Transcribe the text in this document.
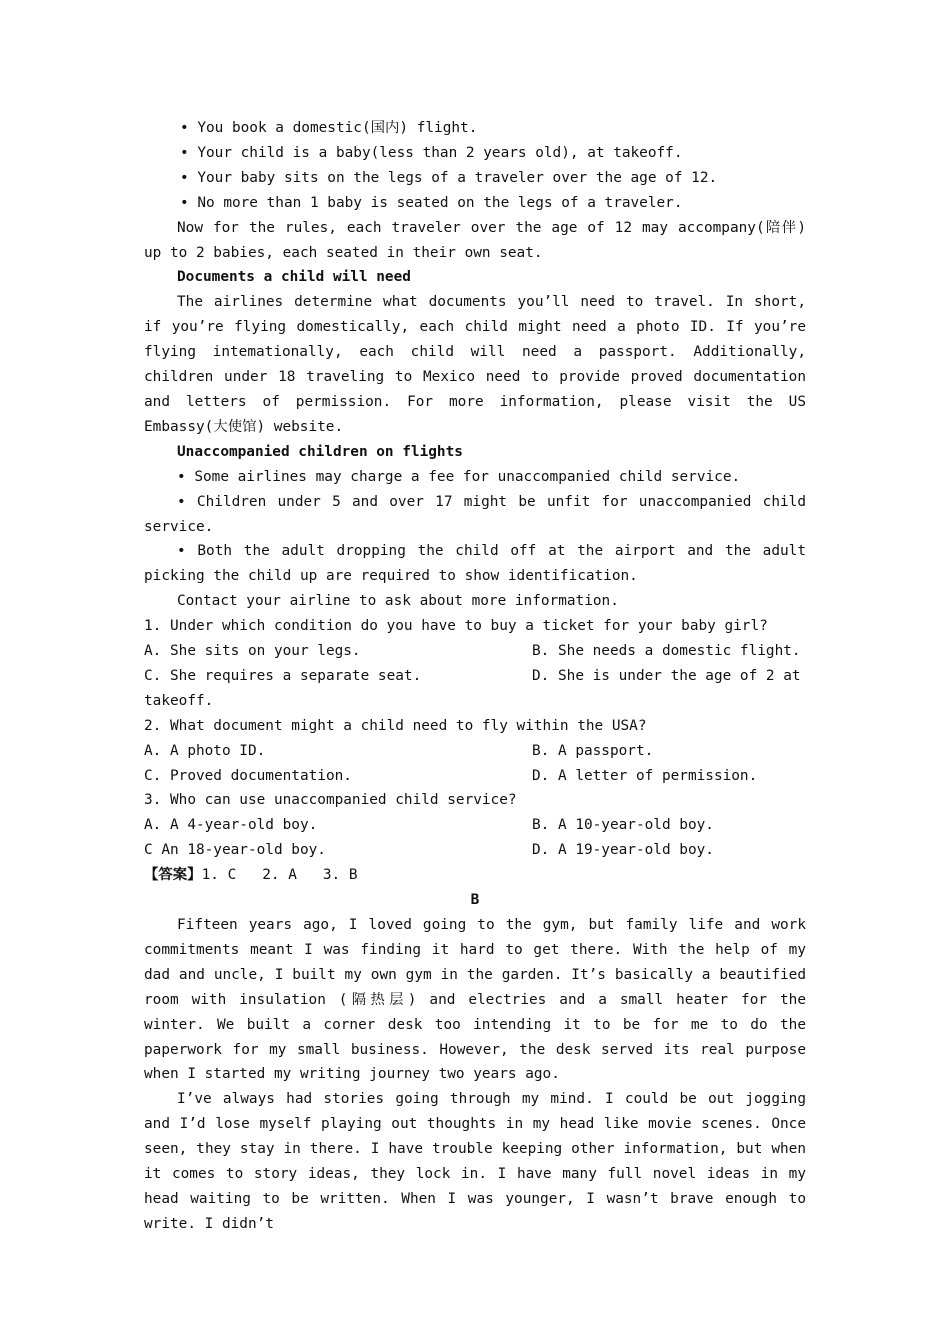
• You book a domestic(国内) flight.
• Your child is a baby(less than 2 years old), at takeoff.
• Your baby sits on the legs of a traveler over the age of 12.
• No more than 1 baby is seated on the legs of a traveler.
Now for the rules, each traveler over the age of 12 may accompany(陪伴) up to 2 babies, each seated in their own seat.
Documents a child will need
The airlines determine what documents you’ll need to travel. In short, if you’re flying domestically, each child might need a photo ID. If you’re flying intemationally, each child will need a passport. Additionally, children under 18 traveling to Mexico need to provide proved documentation and letters of permission. For more information, please visit the US Embassy(大使馆) website.
Unaccompanied children on flights
• Some airlines may charge a fee for unaccompanied child service.
• Children under 5 and over 17 might be unfit for unaccompanied child service.
• Both the adult dropping the child off at the airport and the adult picking the child up are required to show identification.
Contact your airline to ask about more information.
1. Under which condition do you have to buy a ticket for your baby girl?
A. She sits on your legs.	B. She needs a domestic flight.
C. She requires a separate seat.	D. She is under the age of 2 at
takeoff.
2. What document might a child need to fly within the USA?
A. A photo ID.	B. A passport.
C. Proved documentation.	D. A letter of permission.
3. Who can use unaccompanied child service?
A. A 4-year-old boy.	B. A 10-year-old boy.
C An 18-year-old boy.	D. A 19-year-old boy.
【答案】1. C   2. A   3. B
B
Fifteen years ago, I loved going to the gym, but family life and work commitments meant I was finding it hard to get there. With the help of my dad and uncle, I built my own gym in the garden. It’s basically a beautified room with insulation (隔热层) and electries and a small heater for the winter. We built a corner desk too intending it to be for me to do the paperwork for my small business. However, the desk served its real purpose when I started my writing journey two years ago.
I’ve always had stories going through my mind. I could be out jogging and I’d lose myself playing out thoughts in my head like movie scenes. Once seen, they stay in there. I have trouble keeping other information, but when it comes to story ideas, they lock in. I have many full novel ideas in my head waiting to be written. When I was younger, I wasn’t brave enough to write. I didn’t
